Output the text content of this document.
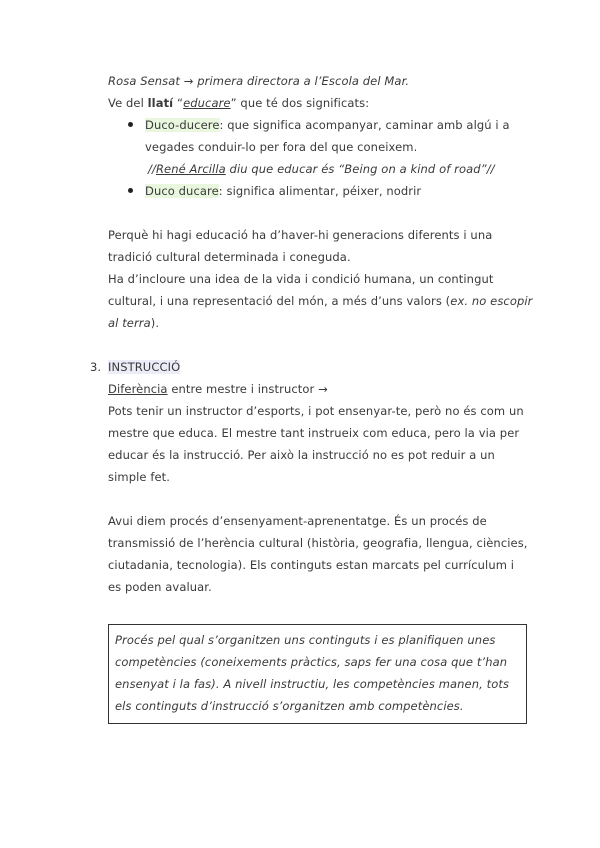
Rosa Sensat → primera directora a l’Escola del Mar.
Ve del llatí “educare” que té dos significats:
Duco-ducere: que significa acompanyar, caminar amb algú i a
vegades conduir-lo per fora del que coneixem.
//René Arcilla diu que educar és “Being on a kind of road”//
Duco ducare: significa alimentar, péixer, nodrir
Perquè hi hagi educació ha d’haver-hi generacions diferents i una
tradició cultural determinada i coneguda.
Ha d’incloure una idea de la vida i condició humana, un contingut
cultural, i una representació del món, a més d’uns valors (ex. no escopir
al terra).
3. INSTRUCCIÓ
Diferència entre mestre i instructor →
Pots tenir un instructor d’esports, i pot ensenyar-te, però no és com un
mestre que educa. El mestre tant instrueix com educa, pero la via per
educar és la instrucció. Per això la instrucció no es pot reduir a un
simple fet.
Avui diem procés d’ensenyament-aprenentatge. És un procés de
transmissió de l’herència cultural (història, geografia, llengua, ciències,
ciutadania, tecnologia). Els continguts estan marcats pel currículum i
es poden avaluar.
Procés pel qual s’organitzen uns continguts i es planifiquen unes
competències (coneixements pràctics, saps fer una cosa que t’han
ensenyat i la fas). A nivell instructiu, les competències manen, tots
els continguts d’instrucció s’organitzen amb competències.
